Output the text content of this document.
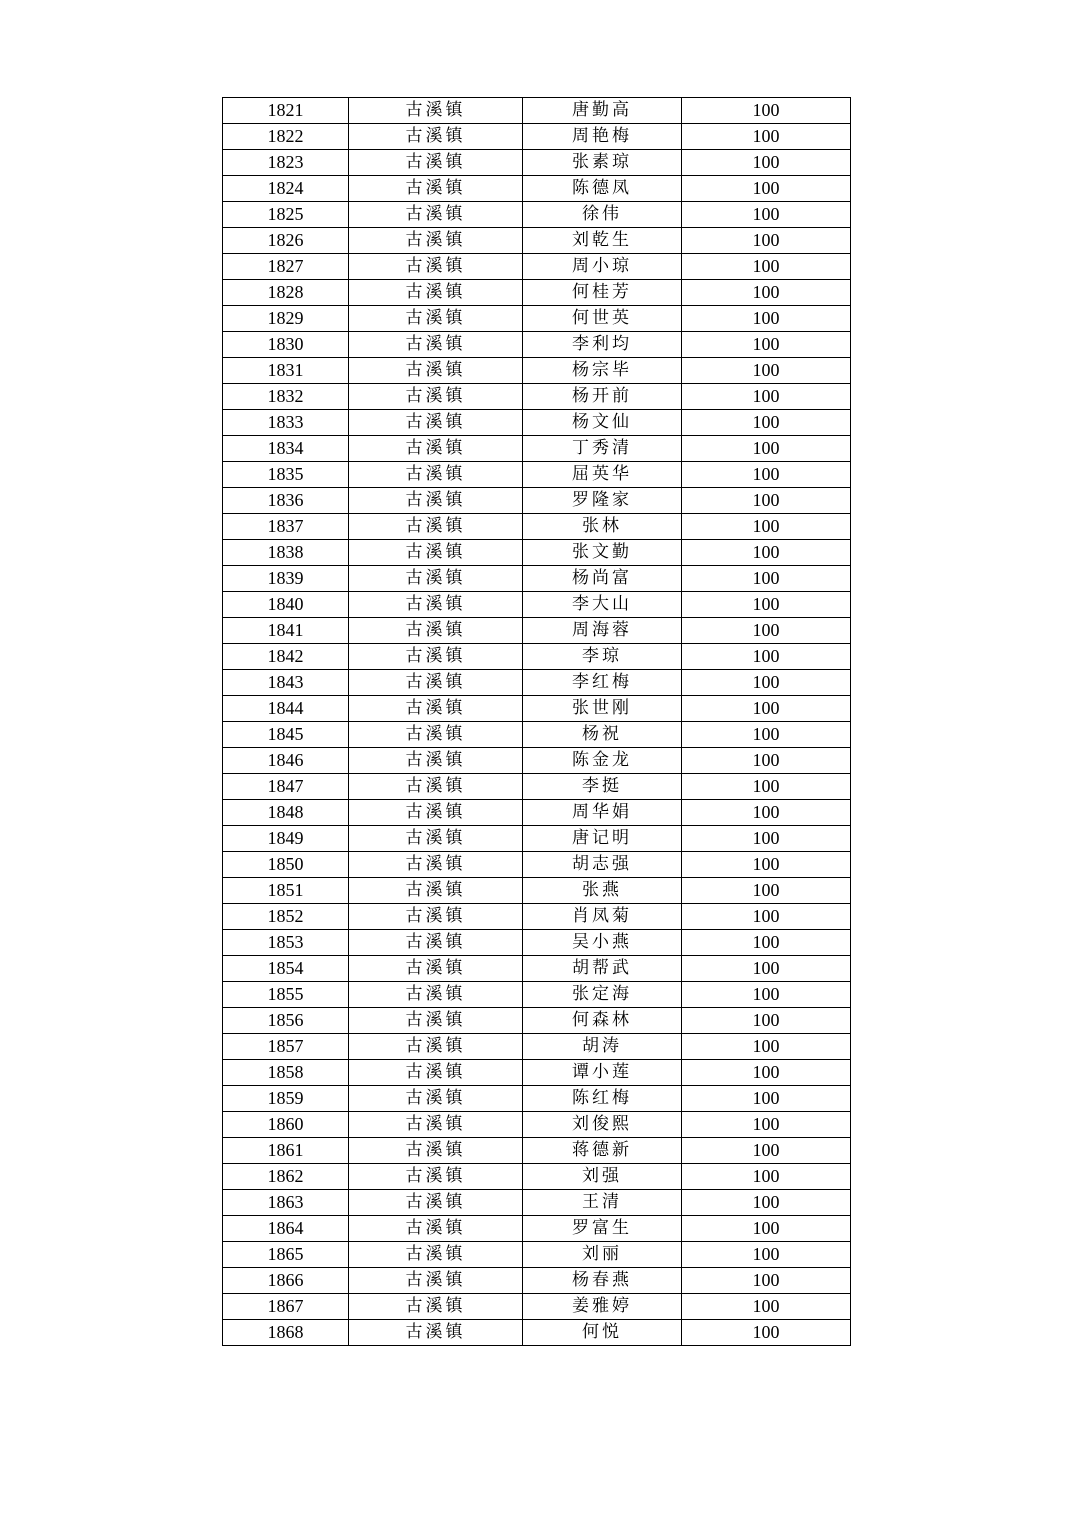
1821	古溪镇	唐勤高	100
1822	古溪镇	周艳梅	100
1823	古溪镇	张素琼	100
1824	古溪镇	陈德凤	100
1825	古溪镇	徐伟	100
1826	古溪镇	刘乾生	100
1827	古溪镇	周小琼	100
1828	古溪镇	何桂芳	100
1829	古溪镇	何世英	100
1830	古溪镇	李利均	100
1831	古溪镇	杨宗毕	100
1832	古溪镇	杨开前	100
1833	古溪镇	杨文仙	100
1834	古溪镇	丁秀清	100
1835	古溪镇	屈英华	100
1836	古溪镇	罗隆家	100
1837	古溪镇	张林	100
1838	古溪镇	张文勤	100
1839	古溪镇	杨尚富	100
1840	古溪镇	李大山	100
1841	古溪镇	周海蓉	100
1842	古溪镇	李琼	100
1843	古溪镇	李红梅	100
1844	古溪镇	张世刚	100
1845	古溪镇	杨祝	100
1846	古溪镇	陈金龙	100
1847	古溪镇	李挺	100
1848	古溪镇	周华娟	100
1849	古溪镇	唐记明	100
1850	古溪镇	胡志强	100
1851	古溪镇	张燕	100
1852	古溪镇	肖凤菊	100
1853	古溪镇	吴小燕	100
1854	古溪镇	胡帮武	100
1855	古溪镇	张定海	100
1856	古溪镇	何森林	100
1857	古溪镇	胡涛	100
1858	古溪镇	谭小莲	100
1859	古溪镇	陈红梅	100
1860	古溪镇	刘俊熙	100
1861	古溪镇	蒋德新	100
1862	古溪镇	刘强	100
1863	古溪镇	王清	100
1864	古溪镇	罗富生	100
1865	古溪镇	刘丽	100
1866	古溪镇	杨春燕	100
1867	古溪镇	姜雅婷	100
1868	古溪镇	何悦	100
